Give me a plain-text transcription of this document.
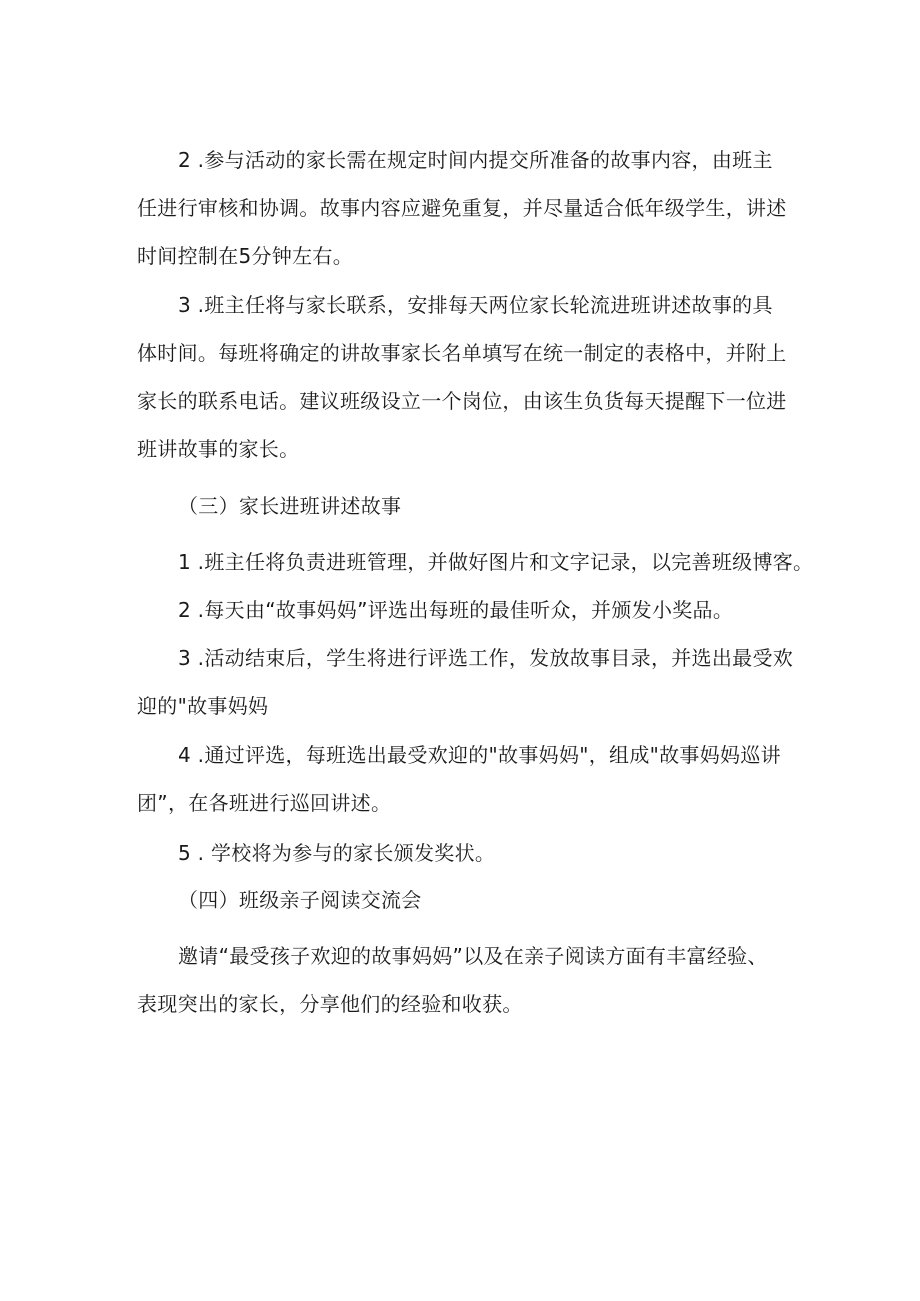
2 .参与活动的家长需在规定时间内提交所准备的故事内容，由班主
任进行审核和协调。故事内容应避免重复，并尽量适合低年级学生，讲述
时间控制在5分钟左右。
3 .班主任将与家长联系，安排每天两位家长轮流进班讲述故事的具
体时间。每班将确定的讲故事家长名单填写在统一制定的表格中，并附上
家长的联系电话。建议班级设立一个岗位，由该生负货每天提醒下一位进
班讲故事的家长。
（三）家长进班讲述故事
1 .班主任将负责进班管理，并做好图片和文字记录，以完善班级博客。
2 .每天由“故事妈妈”评选出每班的最佳听众，并颁发小奖品。
3 .活动结束后，学生将进行评选工作，发放故事目录，并选出最受欢
迎的"故事妈妈
4 .通过评选，每班选出最受欢迎的"故事妈妈"，组成"故事妈妈巡讲
团”，在各班进行巡回讲述。
5 . 学校将为参与的家长颁发奖状。
（四）班级亲子阅读交流会
邀请“最受孩子欢迎的故事妈妈”以及在亲子阅读方面有丰富经验、
表现突出的家长，分享他们的经验和收获。
